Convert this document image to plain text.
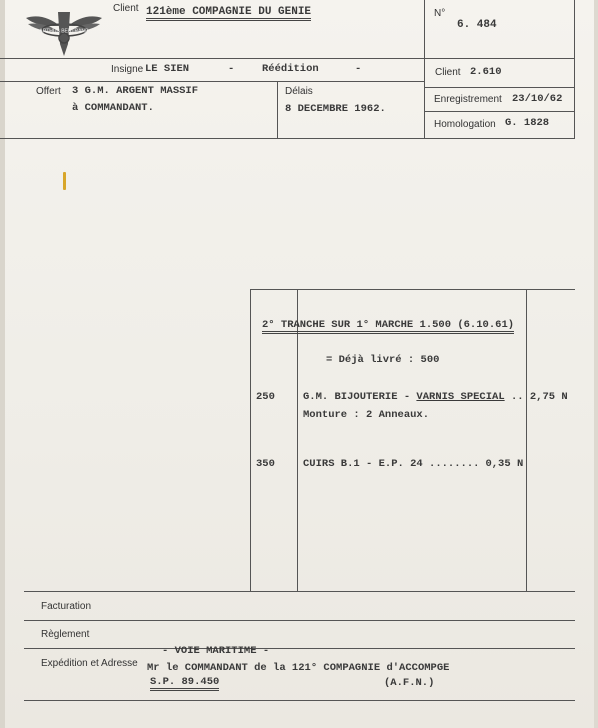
ARTHUS BERTRAND
Client 121ème COMPAGNIE DU GENIE	N°
6. 484
Insigne LE SIEN	-	Réédition	-	Client 2.610
Offert 3 G.M. ARGENT MASSIF
à COMMANDANT.
Délais
8 DECEMBRE 1962.
Enregistrement 23/10/62
Homologation G. 1828
2° TRANCHE SUR 1° MARCHE 1.500 (6.10.61)
= Déjà livré : 500
250	G.M. BIJOUTERIE - VARNIS SPECIAL .. 2,75 N
Monture : 2 Anneaux.
350	CUIRS B.1 - E.P. 24 ........ 0,35 N
Facturation
Règlement
Expédition et Adresse
- VOIE MARITIME -
Mr le COMMANDANT de la 121° COMPAGNIE d'ACCOMPGE
S.P. 89.450	(A.F.N.)
